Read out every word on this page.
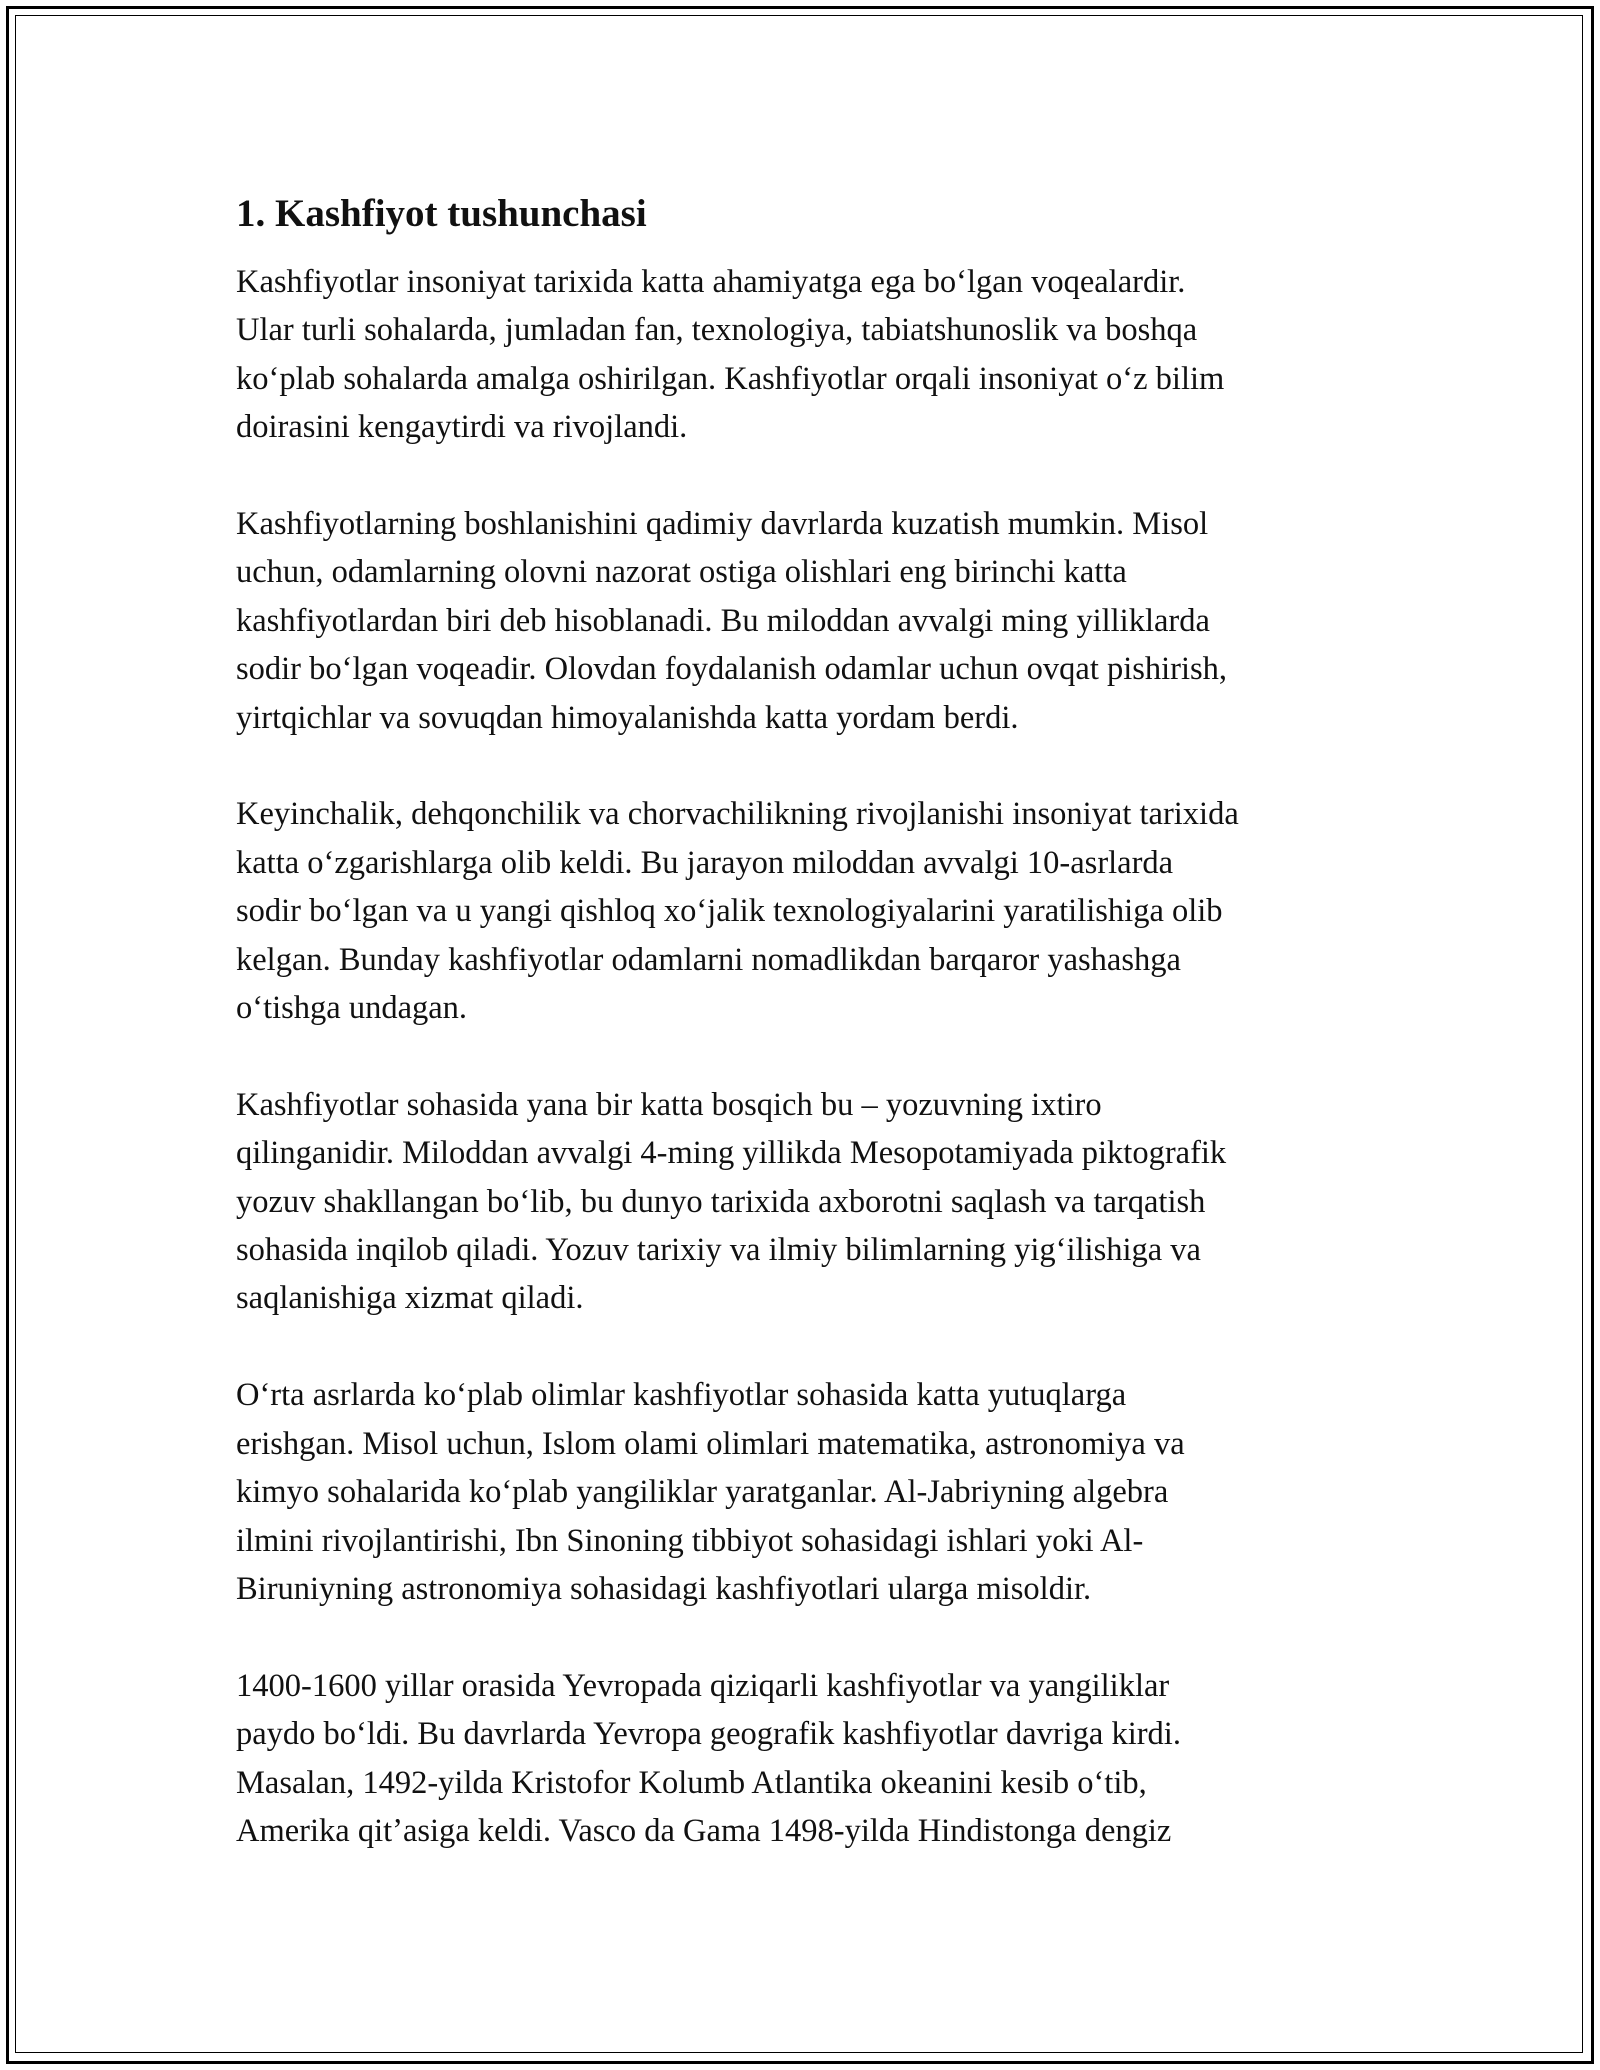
1. Kashfiyot tushunchasi

Kashfiyotlar insoniyat tarixida katta ahamiyatga ega boʻlgan voqealardir.
Ular turli sohalarda, jumladan fan, texnologiya, tabiatshunoslik va boshqa
koʻplab sohalarda amalga oshirilgan. Kashfiyotlar orqali insoniyat oʻz bilim
doirasini kengaytirdi va rivojlandi.

Kashfiyotlarning boshlanishini qadimiy davrlarda kuzatish mumkin. Misol
uchun, odamlarning olovni nazorat ostiga olishlari eng birinchi katta
kashfiyotlardan biri deb hisoblanadi. Bu miloddan avvalgi ming yilliklarda
sodir boʻlgan voqeadir. Olovdan foydalanish odamlar uchun ovqat pishirish,
yirtqichlar va sovuqdan himoyalanishda katta yordam berdi.

Keyinchalik, dehqonchilik va chorvachilikning rivojlanishi insoniyat tarixida
katta oʻzgarishlarga olib keldi. Bu jarayon miloddan avvalgi 10-asrlarda
sodir boʻlgan va u yangi qishloq xoʻjalik texnologiyalarini yaratilishiga olib
kelgan. Bunday kashfiyotlar odamlarni nomadlikdan barqaror yashashga
oʻtishga undagan.

Kashfiyotlar sohasida yana bir katta bosqich bu – yozuvning ixtiro
qilinganidir. Miloddan avvalgi 4-ming yillikda Mesopotamiyada piktografik
yozuv shakllangan boʻlib, bu dunyo tarixida axborotni saqlash va tarqatish
sohasida inqilob qiladi. Yozuv tarixiy va ilmiy bilimlarning yigʻilishiga va
saqlanishiga xizmat qiladi.

Oʻrta asrlarda koʻplab olimlar kashfiyotlar sohasida katta yutuqlarga
erishgan. Misol uchun, Islom olami olimlari matematika, astronomiya va
kimyo sohalarida koʻplab yangiliklar yaratganlar. Al-Jabriyning algebra
ilmini rivojlantirishi, Ibn Sinoning tibbiyot sohasidagi ishlari yoki Al-
Biruniyning astronomiya sohasidagi kashfiyotlari ularga misoldir.

1400-1600 yillar orasida Yevropada qiziqarli kashfiyotlar va yangiliklar
paydo boʻldi. Bu davrlarda Yevropa geografik kashfiyotlar davriga kirdi.
Masalan, 1492-yilda Kristofor Kolumb Atlantika okeanini kesib oʻtib,
Amerika qitʼasiga keldi. Vasco da Gama 1498-yilda Hindistonga dengiz
